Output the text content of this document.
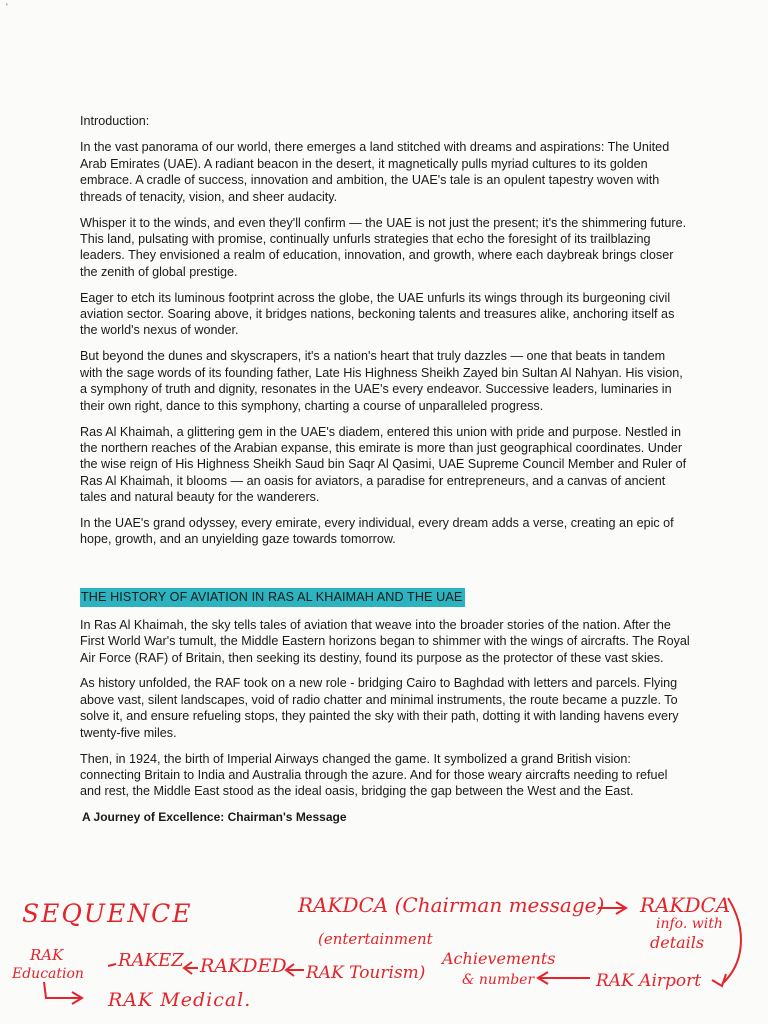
'

Introduction:

In the vast panorama of our world, there emerges a land stitched with dreams and aspirations: The United Arab Emirates (UAE). A radiant beacon in the desert, it magnetically pulls myriad cultures to its golden embrace. A cradle of success, innovation and ambition, the UAE's tale is an opulent tapestry woven with threads of tenacity, vision, and sheer audacity.

Whisper it to the winds, and even they'll confirm — the UAE is not just the present; it's the shimmering future. This land, pulsating with promise, continually unfurls strategies that echo the foresight of its trailblazing leaders. They envisioned a realm of education, innovation, and growth, where each daybreak brings closer the zenith of global prestige.

Eager to etch its luminous footprint across the globe, the UAE unfurls its wings through its burgeoning civil aviation sector. Soaring above, it bridges nations, beckoning talents and treasures alike, anchoring itself as the world's nexus of wonder.

But beyond the dunes and skyscrapers, it's a nation's heart that truly dazzles — one that beats in tandem with the sage words of its founding father, Late His Highness Sheikh Zayed bin Sultan Al Nahyan. His vision, a symphony of truth and dignity, resonates in the UAE's every endeavor. Successive leaders, luminaries in their own right, dance to this symphony, charting a course of unparalleled progress.

Ras Al Khaimah, a glittering gem in the UAE's diadem, entered this union with pride and purpose. Nestled in the northern reaches of the Arabian expanse, this emirate is more than just geographical coordinates. Under the wise reign of His Highness Sheikh Saud bin Saqr Al Qasimi, UAE Supreme Council Member and Ruler of Ras Al Khaimah, it blooms — an oasis for aviators, a paradise for entrepreneurs, and a canvas of ancient tales and natural beauty for the wanderers.

In the UAE's grand odyssey, every emirate, every individual, every dream adds a verse, creating an epic of hope, growth, and an unyielding gaze towards tomorrow.

THE HISTORY OF AVIATION IN RAS AL KHAIMAH AND THE UAE

In Ras Al Khaimah, the sky tells tales of aviation that weave into the broader stories of the nation. After the First World War's tumult, the Middle Eastern horizons began to shimmer with the wings of aircrafts. The Royal Air Force (RAF) of Britain, then seeking its destiny, found its purpose as the protector of these vast skies.

As history unfolded, the RAF took on a new role - bridging Cairo to Baghdad with letters and parcels. Flying above vast, silent landscapes, void of radio chatter and minimal instruments, the route became a puzzle. To solve it, and ensure refueling stops, they painted the sky with their path, dotting it with landing havens every twenty-five miles.

Then, in 1924, the birth of Imperial Airways changed the game. It symbolized a grand British vision: connecting Britain to India and Australia through the azure. And for those weary aircrafts needing to refuel and rest, the Middle East stood as the ideal oasis, bridging the gap between the West and the East.

A Journey of Excellence: Chairman's Message

SEQUENCE	RAKDCA (Chairman message) RAKDCA
info. with
details
(entertainment
RAK Tourism)
Achievements
& number	RAK Airport
RAKDED
RAKEZ
RAK
Education
RAK Medical.
